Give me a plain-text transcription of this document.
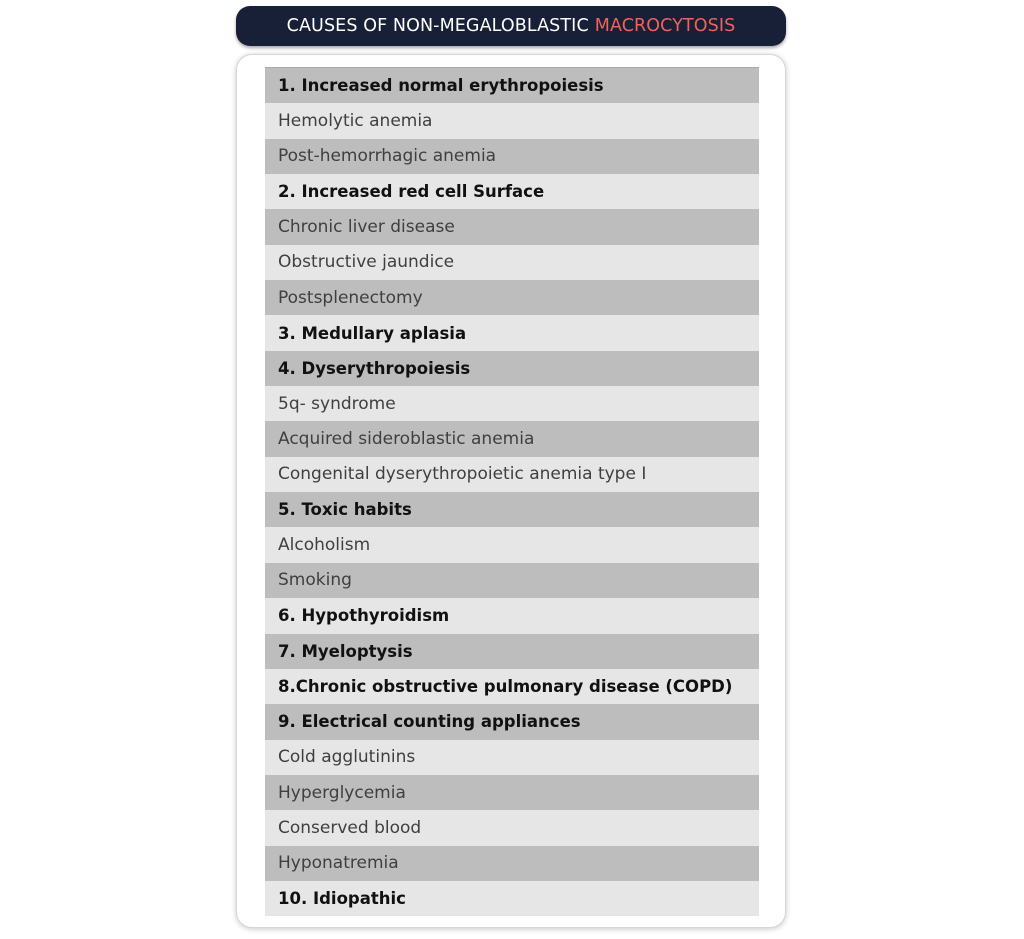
CAUSES OF NON-MEGALOBLASTIC MACROCYTOSIS
1. Increased normal erythropoiesis
Hemolytic anemia
Post-hemorrhagic anemia
2. Increased red cell Surface
Chronic liver disease
Obstructive jaundice
Postsplenectomy
3. Medullary aplasia
4. Dyserythropoiesis
5q- syndrome
Acquired sideroblastic anemia
Congenital dyserythropoietic anemia type I
5. Toxic habits
Alcoholism
Smoking
6. Hypothyroidism
7. Myeloptysis
8.Chronic obstructive pulmonary disease (COPD)
9. Electrical counting appliances
Cold agglutinins
Hyperglycemia
Conserved blood
Hyponatremia
10. Idiopathic
